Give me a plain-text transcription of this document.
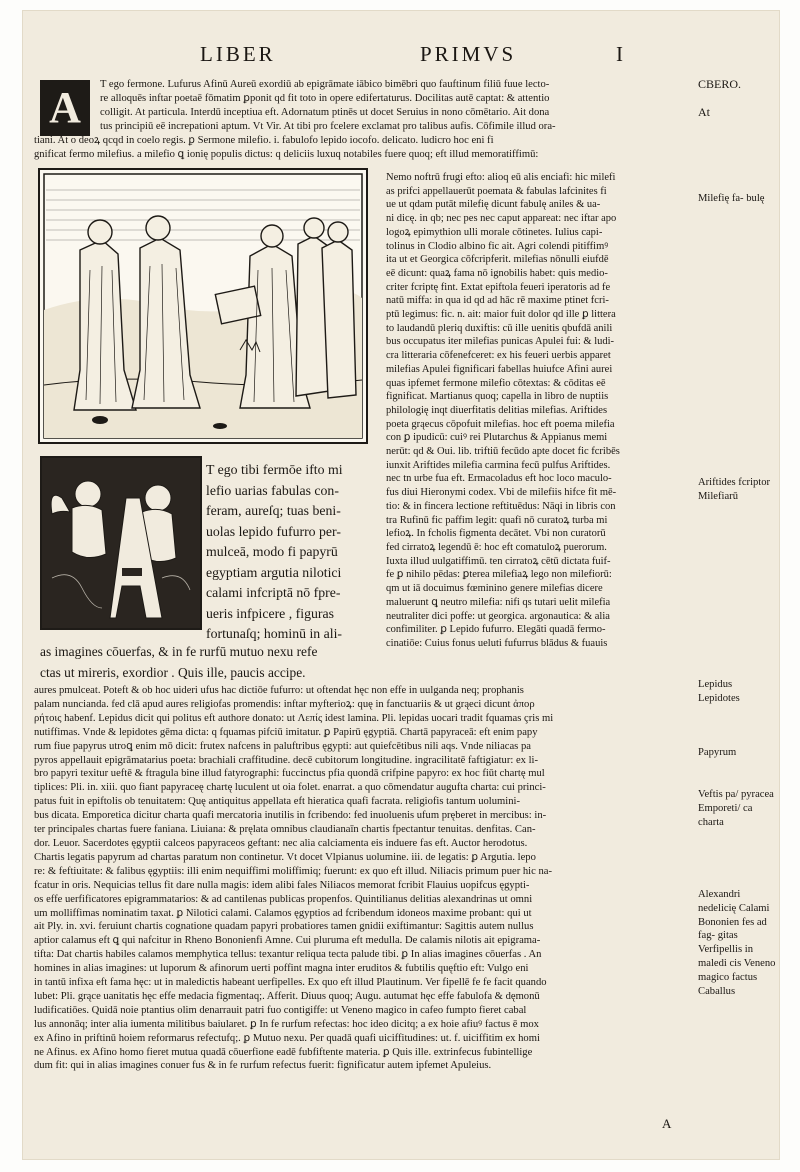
LIBER	PRIMVS	I
A	T ego fermone. Lufurus Afinū Aureū exordiū ab epigrāmate iābico bimēbri quo fauftinum filiū fuue lecto-
re alloquēs inftar poetaē fōmatim ꝑponit qd fit toto in opere edifertaturus. Docilitas autē captat: & attentio
colligit. At particula. Interdū inceptiua eft. Adornatum ptinēs ut docet Seruius in nono cōmētario. Ait dona
tus principiū eē increpationi aptum. Vt Vir. At tibi pro fcelere exclamat pro talibus aufis. Cōfimile illud ora-
tiani. At o deoꝝ qcqd in coelo regis. ꝑ Sermone milefio. i. fabulofo lepido iocofo. delicato. ludicro hoc eni fi
gnificat fermo milefius. a milefio ꝗ ionię populis dictus: q deliciis luxuq notabiles fuere quoq; eft illud memoratiffimū:
Nemo noftrū frugi efto: alioq eū alis enciafi: hic milefi
as prifci appellauerūt poemata & fabulas lafcinites fi
ue ut qdam putāt milefię dicunt fabulę aniles & ua-
ni dicę. in qb; nec pes nec caput appareat: nec iftar apo
logoꝝ epimythion ulli morale cōtinetes. Iulius capi-
tolinus in Clodio albino fic ait. Agri colendi pitiffimꝰ
ita ut et Georgica cōfcripferit. milefias nōnulli eiufdē
eē dicunt: quaꝝ fama nō ignobilis habet: quis medio-
criter fcriptę fint. Extat epiftola feueri iperatoris ad fe
natū miffa: in qua id qd ad hāc rē maxime ptinet fcri-
ptū legimus: fic. n. ait: maior fuit dolor qd ille ꝑ littera
to laudandū pleriq duxiftis: cū ille uenitis qbufdā anili
bus occupatus iter milefias punicas Apulei fui: & ludi-
cra litteraria cōfenefceret: ex his feueri uerbis apparet
milefias Apulei fignificari fabellas huiufce Afini aurei
quas ipfemet fermone milefio cōtextas: & cōditas eē
fignificat. Martianus quoq; capella in libro de nuptiis
philologię inqt diuerfitatis delitias milefias. Ariftides
poeta grąecus cōpofuit milefias. hoc eft poema milefia
con ꝑ ipudicū: cuiꝰ rei Plutarchus & Appianus memi
nerūt: qd & Oui. lib. triftiū fecūdo apte docet fic fcribēs
iunxit Ariftides milefia carmina fecū pulfus Ariftides.
nec tn urbe fua eft. Ermacoladus eft hoc loco maculo-
fus diui Hieronymi codex. Vbi de milefiis hifce fit mē-
tio: & in fincera lectione reftituēdus: Nāqi in libris con
tra Rufinū fic paffim legit: quafi nō curatoꝝ turba mi
lefioꝝ. In fcholis figmenta decātet. Vbi non curatorū
fed cirratoꝝ legendū ē: hoc eft comatuloꝝ puerorum.
Iuxta illud uulgatiffimū. ten cirratoꝝ cētū dictata fuif-
fe ꝑ nihilo pēdas: ꝑterea milefiaꝝ lego non milefiorū:
qm ut iā docuimus fœminino genere milefias dicere
maluerunt ꝗ neutro milefia: nifi qs tutari uelit milefia
neutraliter dici poffe: ut georgica. argonautica: & alia
confimiliter. ꝑ Lepido fufurro. Elegāti quadā fermo-
cinatiōe: Cuius fonus ueluti fufurrus blādus & fuauis
T ego tibi fermōe ifto mi
lefio uarias fabulas con-
feram, aureſq; tuas beni-
uolas lepido fufurro per-
mulceā, modo fi papyrū
egyptiam argutia nilotici
calami infcriptā nō fpre-
ueris infpicere , figuras
fortunaſq; hominū in ali-
as imagines cōuerfas, & in fe rurfū mutuo nexu refe
ctas ut mireris, exordior . Quis ille, paucis accipe.
aures pmulceat. Poteft & ob hoc uideri ufus hac dictiōe fufurro: ut oftendat hęc non effe in uulganda neq; prophanis
palam nuncianda. fed clā apud aures religiofas promendis: inftar myfterioꝝ: quę in fanctuariis & ut grąeci dicunt ἀπορ
ρήτοις habenf. Lepidus dicit qui politus eft authore donato: ut Λεπίς idest lamina. Pli. lepidas uocari tradit fquamas çris mi
nutiffimas. Vnde & lepidotes gēma dicta: q fquamas pifciū imitatur. ꝑ Papirū ęgyptiā. Chartā papyraceā: eft enim papy
rum fiue papyrus utroꝗ enim mō dicit: frutex nafcens in paluftribus ęgypti: aut quiefcētibus nili aqs. Vnde niliacas pa
pyros appellauit epigrāmatarius poeta: brachiali craffitudine. decē cubitorum longitudine. ingracilitatē faftigiatur: ex li-
bro papyri texitur ueftē & ftragula bine illud fatyrographi: fuccinctus pfia quondā crifpine papyro: ex hoc fiūt chartę mul
tiplices: Pli. in. xiii. quo fiant papyraceę chartę luculent ut oia folet. enarrat. a quo cōmendatur augufta charta: cui princi-
patus fuit in epiftolis ob tenuitatem: Quę antiquitus appellata eft hieratica quafi facrata. religiofis tantum uolumini-
bus dicata. Emporetica dicitur charta quafi mercatoria inutilis in fcribendo: fed inuoluenis ufum pręberet in mercibus: in-
ter principales chartas fuere faniana. Liuiana: & pręlata omnibus claudianaīn chartis fpectantur tenuitas. denfitas. Can-
dor. Leuor. Sacerdotes ęgyptii calceos papyraceos geftant: nec alia calciamenta eis induere fas eft. Auctor herodotus.
Chartis legatis papyrum ad chartas paratum non continetur. Vt docet Vlpianus uolumine. iii. de legatis: ꝑ Argutia. lepo
re: & feftiuitate: & falibus ęgyptiis: illi enim nequiffimi moliffimiq; fuerunt: ex quo eft illud. Niliacis primum puer hic na-
fcatur in oris. Nequicias tellus fit dare nulla magis: idem alibi fales Niliacos memorat fcribit Flauius uopifcus ęgypti-
os effe uerfificatores epigrammatarios: & ad cantilenas publicas propenfos. Quintilianus delitias alexandrinas ut omni
um molliffimas nominatim taxat. ꝑ Nilotici calami. Calamos ęgyptios ad fcribendum idoneos maxime probant: qui ut
ait Ply. in. xvi. feruiunt chartis cognatione quadam papyri probatiores tamen gnidii exiftimantur: Sagittis autem nullus
aptior calamus eft ꝗ qui nafcitur in Rheno Bononienfi Amne. Cui pluruma eft medulla. De calamis nilotis ait epigrama-
tifta: Dat chartis habiles calamos memphytica tellus: texantur reliqua tecta palude tibi. ꝑ In alias imagines cōuerfas . An
homines in alias imagines: ut luporum & afinorum uerti poffint magna inter eruditos & fubtilis quęftio eft: Vulgo eni
in tantū infixa eft fama hęc: ut in maledictis habeant uerfipelles. Ex quo eft illud Plautinum. Ver fipellē fe fe facit quando
lubet: Pli. grące uanitatis hęc effe medacia figmentaq;. Afferit. Diuus quoq; Augu. autumat hęc effe fabulofa & dęmonū
ludificatiōes. Quidā noie ptantius olim denarrauit patri fuo contigiffe: ut Veneno magico in cafeo fumpto fieret cabal
lus annonāq; inter alia iumenta militibus baiularet. ꝑ In fe rurfum refectas: hoc ideo dicitq; a ex hoie afiuꝰ factus ē mox
ex Afino in priftinū hoiem reformarus refectufq;. ꝑ Mutuo nexu. Per quadā quafi uiciffitudines: ut. f. uiciffitim ex homi
ne Afinus. ex Afino homo fieret mutua quadā cōuerfione eadē fubfiftente materia. ꝑ Quis ille. extrinfecus fubintellige
dum fit: qui in alias imagines conuer fus & in fe rurfum refectus fuerit: fignificatur autem ipfemet Apuleius.
CBERO.
At
Milefię fa- bulę
Ariftides fcriptor Milefiarū
Lepidus Lepidotes
Papyrum
Veftis pa/ pyracea Emporeti/ ca charta
Alexandri nedelicię Calami Bononien fes ad fag- gitas Verfipellis in maledi cis Veneno magico factus Caballus
A
